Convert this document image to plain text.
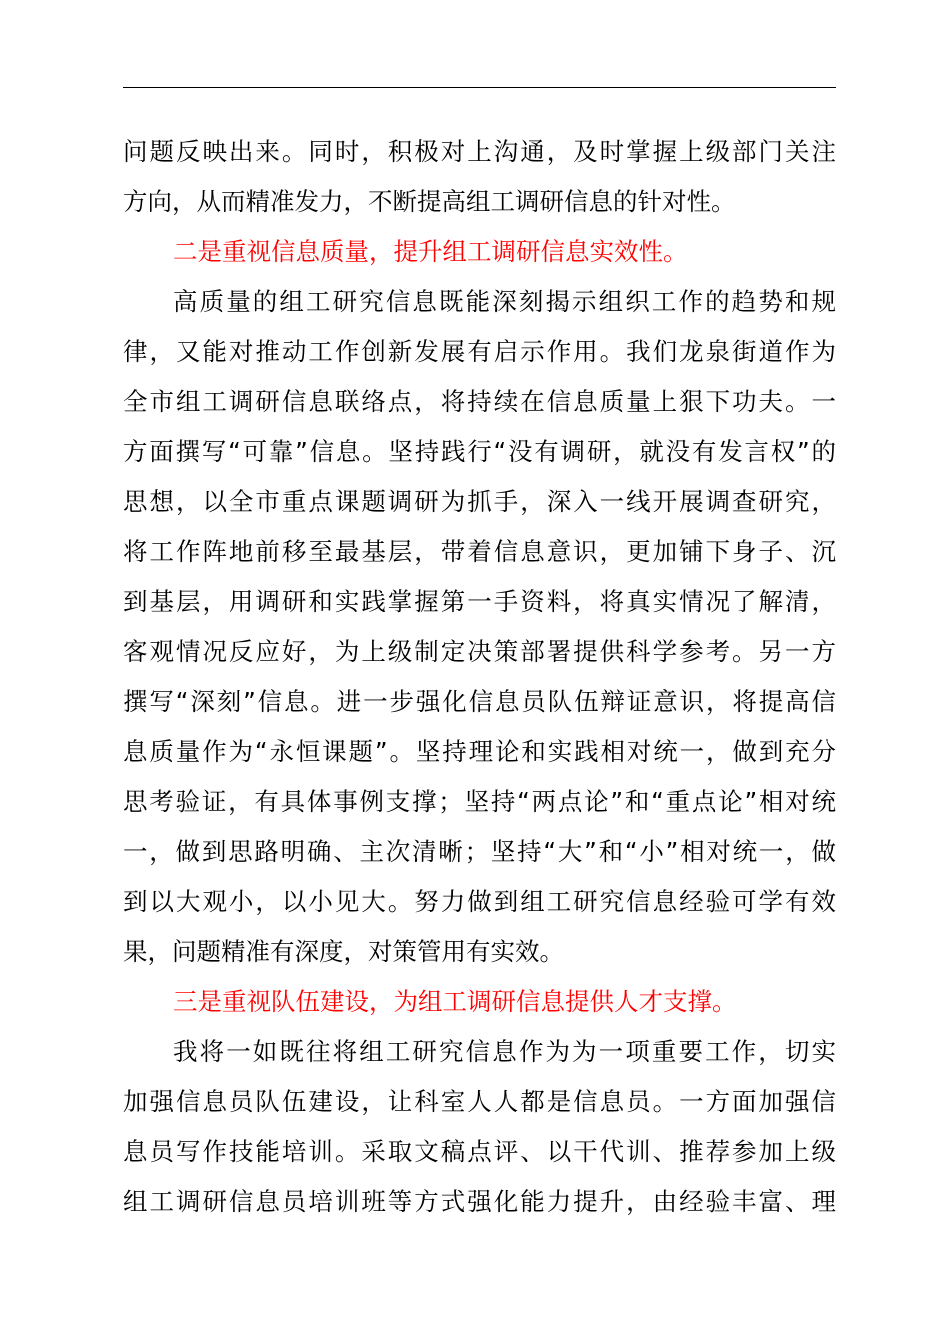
问题反映出来。同时，积极对上沟通，及时掌握上级部门关注
方向，从而精准发力，不断提高组工调研信息的针对性。
二是重视信息质量，提升组工调研信息实效性。
高质量的组工研究信息既能深刻揭示组织工作的趋势和规
律，又能对推动工作创新发展有启示作用。我们龙泉街道作为
全市组工调研信息联络点，将持续在信息质量上狠下功夫。一
方面撰写“可靠”信息。坚持践行“没有调研，就没有发言权”的
思想，以全市重点课题调研为抓手，深入一线开展调查研究，
将工作阵地前移至最基层，带着信息意识，更加铺下身子、沉
到基层，用调研和实践掌握第一手资料，将真实情况了解清，
客观情况反应好，为上级制定决策部署提供科学参考。另一方
撰写“深刻”信息。进一步强化信息员队伍辩证意识，将提高信
息质量作为“永恒课题”。坚持理论和实践相对统一，做到充分
思考验证，有具体事例支撑；坚持“两点论”和“重点论”相对统
一，做到思路明确、主次清晰；坚持“大”和“小”相对统一，做
到以大观小，以小见大。努力做到组工研究信息经验可学有效
果，问题精准有深度，对策管用有实效。
三是重视队伍建设，为组工调研信息提供人才支撑。
我将一如既往将组工研究信息作为为一项重要工作，切实
加强信息员队伍建设，让科室人人都是信息员。一方面加强信
息员写作技能培训。采取文稿点评、以干代训、推荐参加上级
组工调研信息员培训班等方式强化能力提升，由经验丰富、理
